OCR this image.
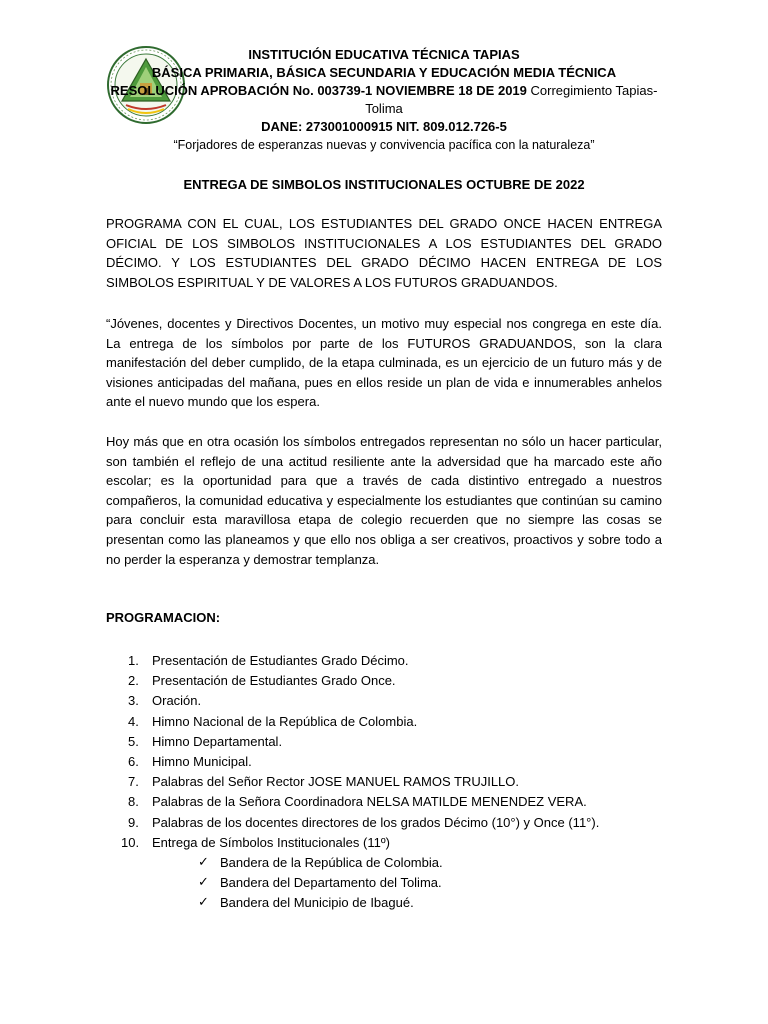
INSTITUCIÓN EDUCATIVA TÉCNICA TAPIAS
BÁSICA PRIMARIA, BÁSICA SECUNDARIA Y EDUCACIÓN MEDIA TÉCNICA
RESOLUCIÓN APROBACIÓN No. 003739-1 NOVIEMBRE 18 DE 2019 Corregimiento Tapias-Tolima
DANE: 273001000915 NIT. 809.012.726-5
“Forjadores de esperanzas nuevas y convivencia pacífica con la naturaleza”
ENTREGA DE SIMBOLOS INSTITUCIONALES OCTUBRE DE 2022

PROGRAMA CON EL CUAL, LOS ESTUDIANTES DEL GRADO ONCE HACEN ENTREGA OFICIAL DE LOS SIMBOLOS INSTITUCIONALES A LOS ESTUDIANTES DEL GRADO DÉCIMO. Y LOS ESTUDIANTES DEL GRADO DÉCIMO HACEN ENTREGA DE LOS SIMBOLOS ESPIRITUAL Y DE VALORES A LOS FUTUROS GRADUANDOS.

“Jóvenes, docentes y Directivos Docentes, un motivo muy especial nos congrega en este día. La entrega de los símbolos por parte de los FUTUROS GRADUANDOS, son la clara manifestación del deber cumplido, de la etapa culminada, es un ejercicio de un futuro más y de visiones anticipadas del mañana, pues en ellos reside un plan de vida e innumerables anhelos ante el nuevo mundo que los espera.

Hoy más que en otra ocasión los símbolos entregados representan no sólo un hacer particular, son también el reflejo de una actitud resiliente ante la adversidad que ha marcado este año escolar; es la oportunidad para que a través de cada distintivo entregado a nuestros compañeros, la comunidad educativa y especialmente los estudiantes que continúan su camino para concluir esta maravillosa etapa de colegio recuerden que no siempre las cosas se presentan como las planeamos y que ello nos obliga a ser creativos, proactivos y sobre todo a no perder la esperanza y demostrar templanza.

PROGRAMACION:
1. Presentación de Estudiantes Grado Décimo.
2. Presentación de Estudiantes Grado Once.
3. Oración.
4. Himno Nacional de la República de Colombia.
5. Himno Departamental.
6. Himno Municipal.
7. Palabras del Señor Rector JOSE MANUEL RAMOS TRUJILLO.
8. Palabras de la Señora Coordinadora NELSA MATILDE MENENDEZ VERA.
9. Palabras de los docentes directores de los grados Décimo (10°) y Once (11°).
10. Entrega de Símbolos Institucionales (11º)
✓ Bandera de la República de Colombia.
✓ Bandera del Departamento del Tolima.
✓ Bandera del Municipio de Ibagué.
